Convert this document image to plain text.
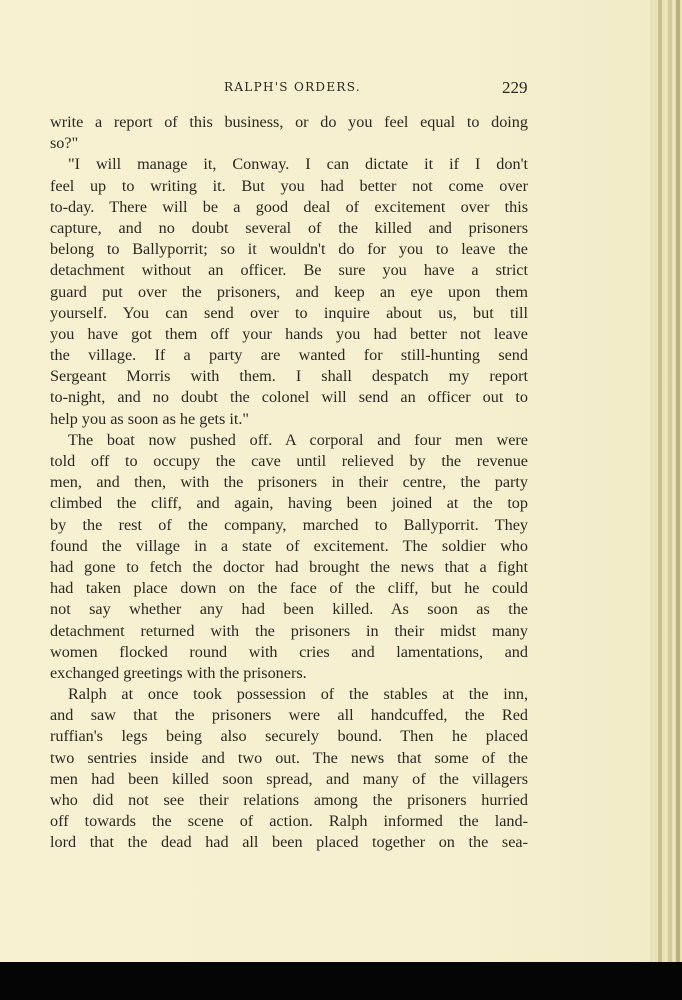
RALPH'S ORDERS.	229
write a report of this business, or do you feel equal to doing
so?"
"I will manage it, Conway. I can dictate it if I don't
feel up to writing it. But you had better not come over
to-day. There will be a good deal of excitement over this
capture, and no doubt several of the killed and prisoners
belong to Ballyporrit; so it wouldn't do for you to leave the
detachment without an officer. Be sure you have a strict
guard put over the prisoners, and keep an eye upon them
yourself. You can send over to inquire about us, but till
you have got them off your hands you had better not leave
the village. If a party are wanted for still-hunting send
Sergeant Morris with them. I shall despatch my report
to-night, and no doubt the colonel will send an officer out to
help you as soon as he gets it."
The boat now pushed off. A corporal and four men were
told off to occupy the cave until relieved by the revenue
men, and then, with the prisoners in their centre, the party
climbed the cliff, and again, having been joined at the top
by the rest of the company, marched to Ballyporrit. They
found the village in a state of excitement. The soldier who
had gone to fetch the doctor had brought the news that a fight
had taken place down on the face of the cliff, but he could
not say whether any had been killed. As soon as the
detachment returned with the prisoners in their midst many
women flocked round with cries and lamentations, and
exchanged greetings with the prisoners.
Ralph at once took possession of the stables at the inn,
and saw that the prisoners were all handcuffed, the Red
ruffian's legs being also securely bound. Then he placed
two sentries inside and two out. The news that some of the
men had been killed soon spread, and many of the villagers
who did not see their relations among the prisoners hurried
off towards the scene of action. Ralph informed the land-
lord that the dead had all been placed together on the sea-
